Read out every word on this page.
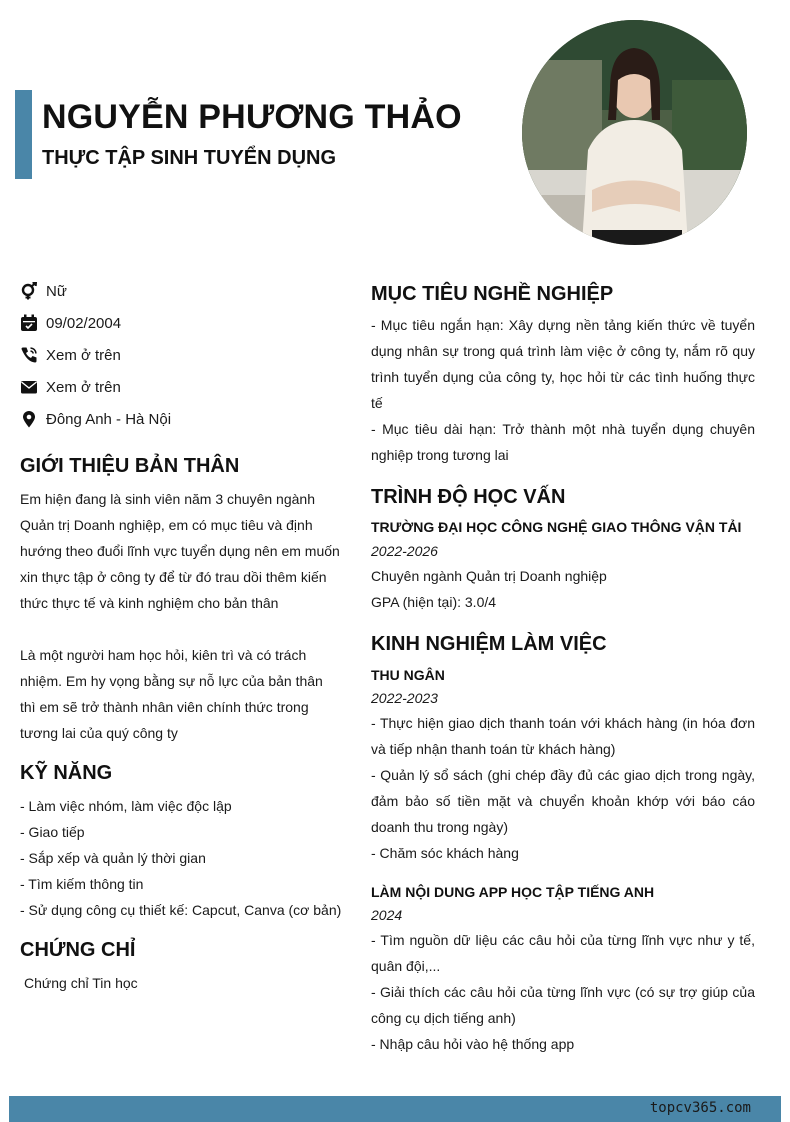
NGUYỄN PHƯƠNG THẢO
THỰC TẬP SINH TUYỂN DỤNG
Nữ
09/02/2004
Xem ở trên
Xem ở trên
Đông Anh - Hà Nội
GIỚI THIỆU BẢN THÂN
Em hiện đang là sinh viên năm 3 chuyên ngành Quản trị Doanh nghiệp, em có mục tiêu và định hướng theo đuổi lĩnh vực tuyển dụng nên em muốn xin thực tập ở công ty để từ đó trau dồi thêm kiến thức thực tế và kinh nghiệm cho bản thân
Là một người ham học hỏi, kiên trì và có trách nhiệm. Em hy vọng bằng sự nỗ lực của bản thân thì em sẽ trở thành nhân viên chính thức trong tương lai của quý công ty
KỸ NĂNG
- Làm việc nhóm, làm việc độc lập
- Giao tiếp
- Sắp xếp và quản lý thời gian
- Tìm kiếm thông tin
- Sử dụng công cụ thiết kế: Capcut, Canva (cơ bản)
CHỨNG CHỈ
Chứng chỉ Tin học
MỤC TIÊU NGHỀ NGHIỆP
- Mục tiêu ngắn hạn: Xây dựng nền tảng kiến thức về tuyển dụng nhân sự trong quá trình làm việc ở công ty, nắm rõ quy trình tuyển dụng của công ty, học hỏi từ các tình huống thực tế
- Mục tiêu dài hạn: Trở thành một nhà tuyển dụng chuyên nghiệp trong tương lai
TRÌNH ĐỘ HỌC VẤN
TRƯỜNG ĐẠI HỌC CÔNG NGHỆ GIAO THÔNG VẬN TẢI
2022-2026
Chuyên ngành Quản trị Doanh nghiệp
GPA (hiện tại): 3.0/4
KINH NGHIỆM LÀM VIỆC
THU NGÂN
2022-2023
- Thực hiện giao dịch thanh toán với khách hàng (in hóa đơn và tiếp nhận thanh toán từ khách hàng)
- Quản lý sổ sách (ghi chép đầy đủ các giao dịch trong ngày, đảm bảo số tiền mặt và chuyển khoản khớp với báo cáo doanh thu trong ngày)
- Chăm sóc khách hàng
LÀM NỘI DUNG APP HỌC TẬP TIẾNG ANH
2024
- Tìm nguồn dữ liệu các câu hỏi của từng lĩnh vực như y tế, quân đội,...
- Giải thích các câu hỏi của từng lĩnh vực (có sự trợ giúp của công cụ dịch tiếng anh)
- Nhập câu hỏi vào hệ thống app
topcv365.com
